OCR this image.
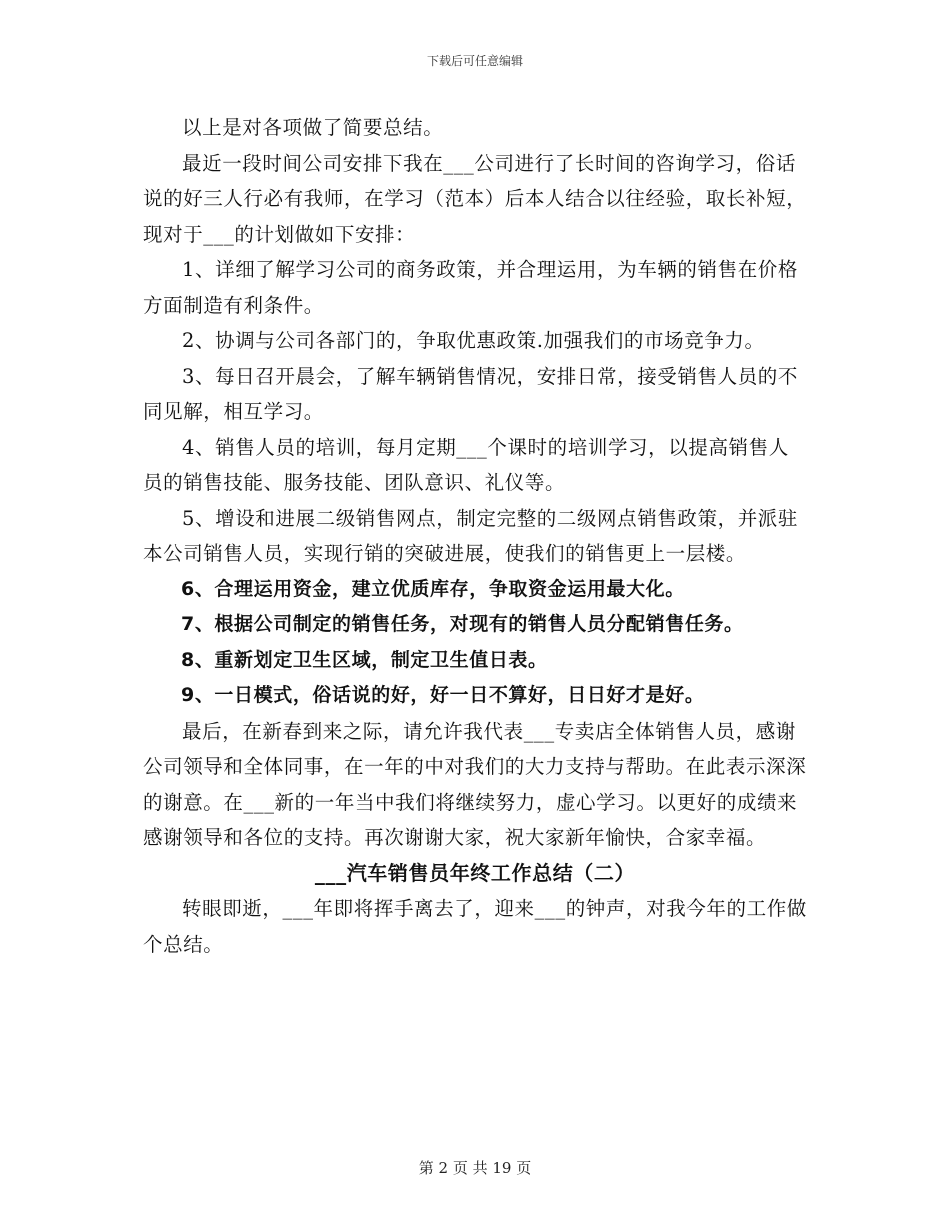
下载后可任意编辑

以上是对各项做了简要总结。

最近一段时间公司安排下我在___公司进行了长时间的咨询学习，俗话说的好三人行必有我师，在学习（范本）后本人结合以往经验，取长补短，现对于___的计划做如下安排：

1、详细了解学习公司的商务政策，并合理运用，为车辆的销售在价格方面制造有利条件。

2、协调与公司各部门的，争取优惠政策.加强我们的市场竞争力。

3、每日召开晨会，了解车辆销售情况，安排日常，接受销售人员的不同见解，相互学习。

4、销售人员的培训，每月定期___个课时的培训学习，以提高销售人员的销售技能、服务技能、团队意识、礼仪等。

5、增设和进展二级销售网点，制定完整的二级网点销售政策，并派驻本公司销售人员，实现行销的突破进展，使我们的销售更上一层楼。

6、合理运用资金，建立优质库存，争取资金运用最大化。

7、根据公司制定的销售任务，对现有的销售人员分配销售任务。

8、重新划定卫生区域，制定卫生值日表。

9、一日模式，俗话说的好，好一日不算好，日日好才是好。

最后，在新春到来之际，请允许我代表___专卖店全体销售人员，感谢公司领导和全体同事，在一年的中对我们的大力支持与帮助。在此表示深深的谢意。在___新的一年当中我们将继续努力，虚心学习。以更好的成绩来感谢领导和各位的支持。再次谢谢大家，祝大家新年愉快，合家幸福。

___汽车销售员年终工作总结（二）

转眼即逝，___年即将挥手离去了，迎来___的钟声，对我今年的工作做个总结。

第 2 页 共 19 页
